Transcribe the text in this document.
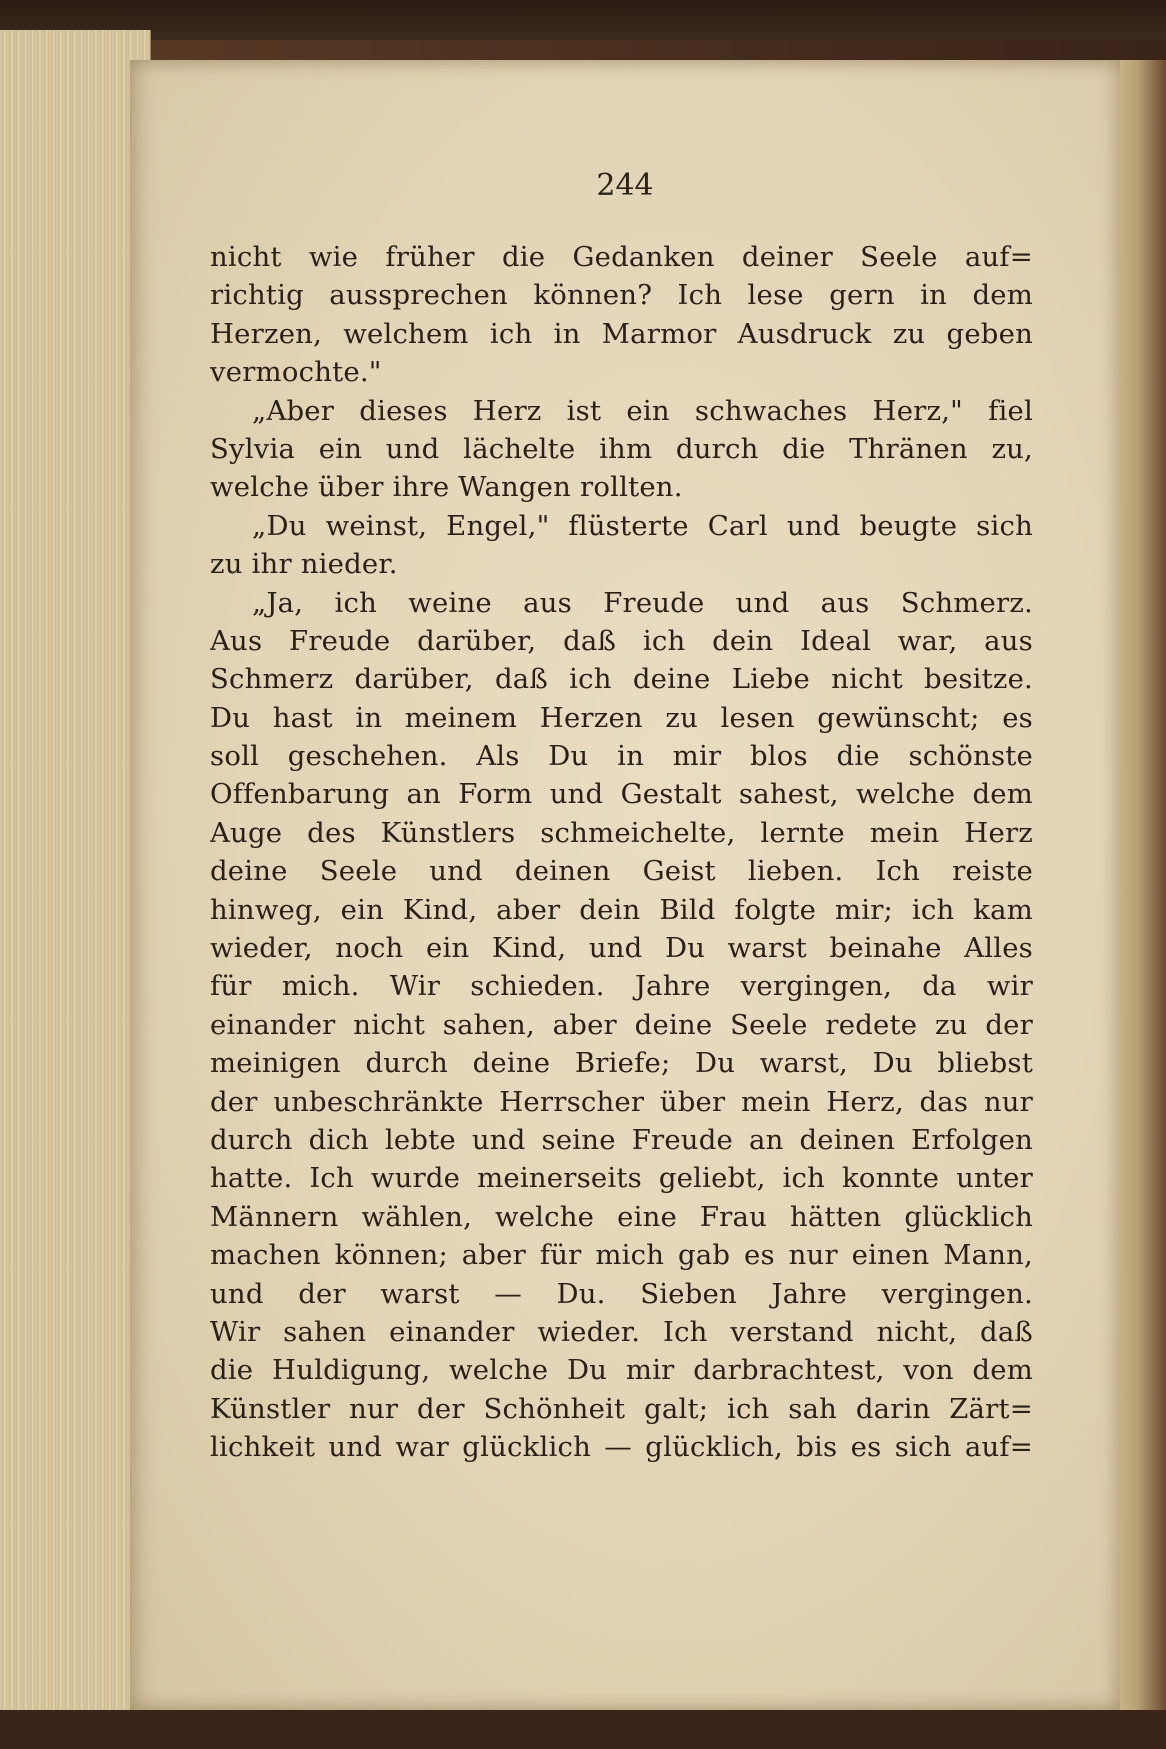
244
nicht wie früher die Gedanken deiner Seele auf=
richtig aussprechen können? Ich lese gern in dem
Herzen, welchem ich in Marmor Ausdruck zu geben
vermochte."
„Aber dieses Herz ist ein schwaches Herz," fiel
Sylvia ein und lächelte ihm durch die Thränen zu,
welche über ihre Wangen rollten.
„Du weinst, Engel," flüsterte Carl und beugte sich
zu ihr nieder.
„Ja, ich weine aus Freude und aus Schmerz.
Aus Freude darüber, daß ich dein Ideal war, aus
Schmerz darüber, daß ich deine Liebe nicht besitze.
Du hast in meinem Herzen zu lesen gewünscht; es
soll geschehen. Als Du in mir blos die schönste
Offenbarung an Form und Gestalt sahest, welche dem
Auge des Künstlers schmeichelte, lernte mein Herz
deine Seele und deinen Geist lieben. Ich reiste
hinweg, ein Kind, aber dein Bild folgte mir; ich kam
wieder, noch ein Kind, und Du warst beinahe Alles
für mich. Wir schieden. Jahre vergingen, da wir
einander nicht sahen, aber deine Seele redete zu der
meinigen durch deine Briefe; Du warst, Du bliebst
der unbeschränkte Herrscher über mein Herz, das nur
durch dich lebte und seine Freude an deinen Erfolgen
hatte. Ich wurde meinerseits geliebt, ich konnte unter
Männern wählen, welche eine Frau hätten glücklich
machen können; aber für mich gab es nur einen Mann,
und der warst — Du. Sieben Jahre vergingen.
Wir sahen einander wieder. Ich verstand nicht, daß
die Huldigung, welche Du mir darbrachtest, von dem
Künstler nur der Schönheit galt; ich sah darin Zärt=
lichkeit und war glücklich — glücklich, bis es sich auf=
